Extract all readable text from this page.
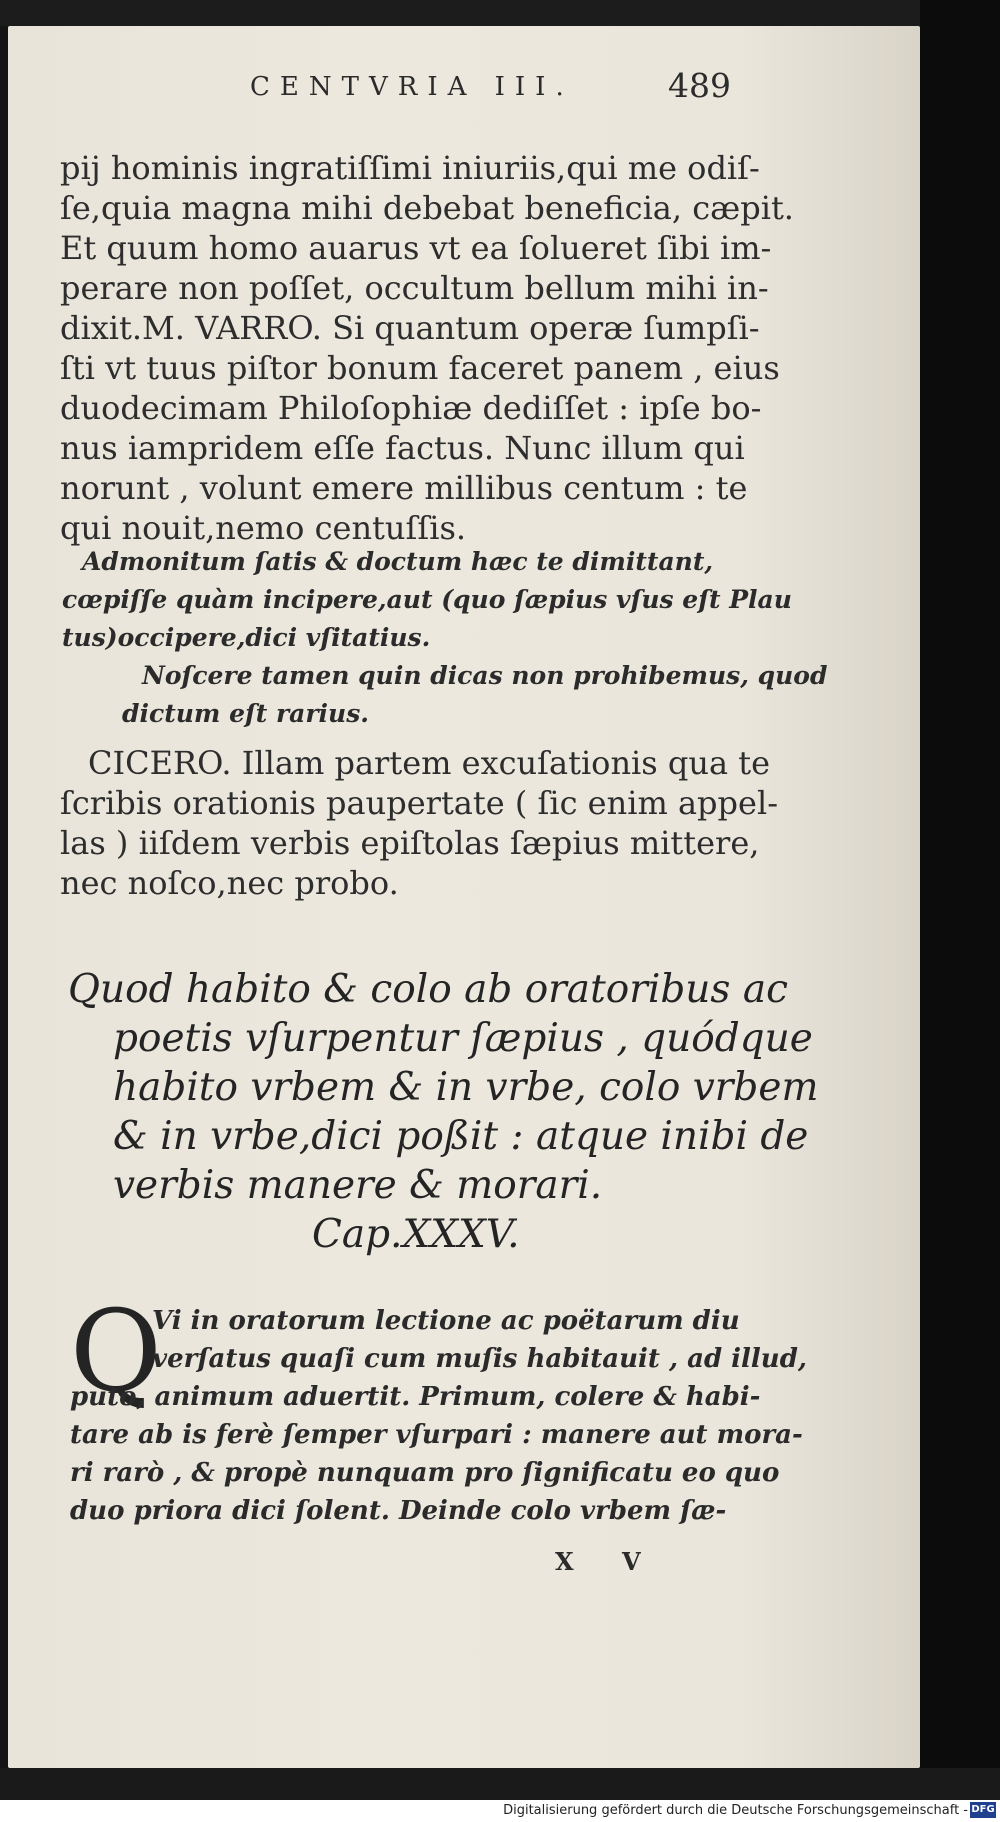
CENTVRIA III.	489
pij hominis ingratiſſimi iniuriis,qui me odiſ-
ſe,quia magna mihi debebat beneficia, cæpit.
Et quum homo auarus vt ea ſolueret ſibi im-
perare non poſſet, occultum bellum mihi in-
dixit.M. VARRO. Si quantum operæ ſumpſi-
ſti vt tuus piſtor bonum faceret panem , eius
duodecimam Philoſophiæ dediſſet : ipſe bo-
nus iampridem eſſe factus. Nunc illum qui
norunt , volunt emere millibus centum : te
qui nouit,nemo centuſſis.
Admonitum ſatis & doctum hæc te dimittant,
cœpiſſe quàm incipere,aut (quo ſæpius vſus eſt Plau
tus)occipere,dici vſitatius.
Noſcere tamen quin dicas non prohibemus, quod
dictum eſt rarius.
CICERO. Illam partem excuſationis qua te
ſcribis orationis paupertate ( ſic enim appel-
las ) iiſdem verbis epiſtolas ſæpius mittere,
nec noſco,nec probo.
Quod habito & colo ab oratoribus ac
poetis vſurpentur ſæpius , quódque
habito vrbem & in vrbe, colo vrbem
& in vrbe,dici poßit : atque inibi de
verbis manere & morari.
Cap.XXXV.
Q
Vi in oratorum lectione ac poëtarum diu
verſatus quaſi cum muſis habitauit , ad illud,
puto, animum aduertit. Primum, colere & habi-
tare ab is ferè ſemper vſurpari : manere aut mora-
ri rarò , & propè nunquam pro ſignificatu eo quo
duo priora dici ſolent. Deinde colo vrbem ſæ-
X V
Digitalisierung gefördert durch die Deutsche Forschungsgemeinschaft - DFG
